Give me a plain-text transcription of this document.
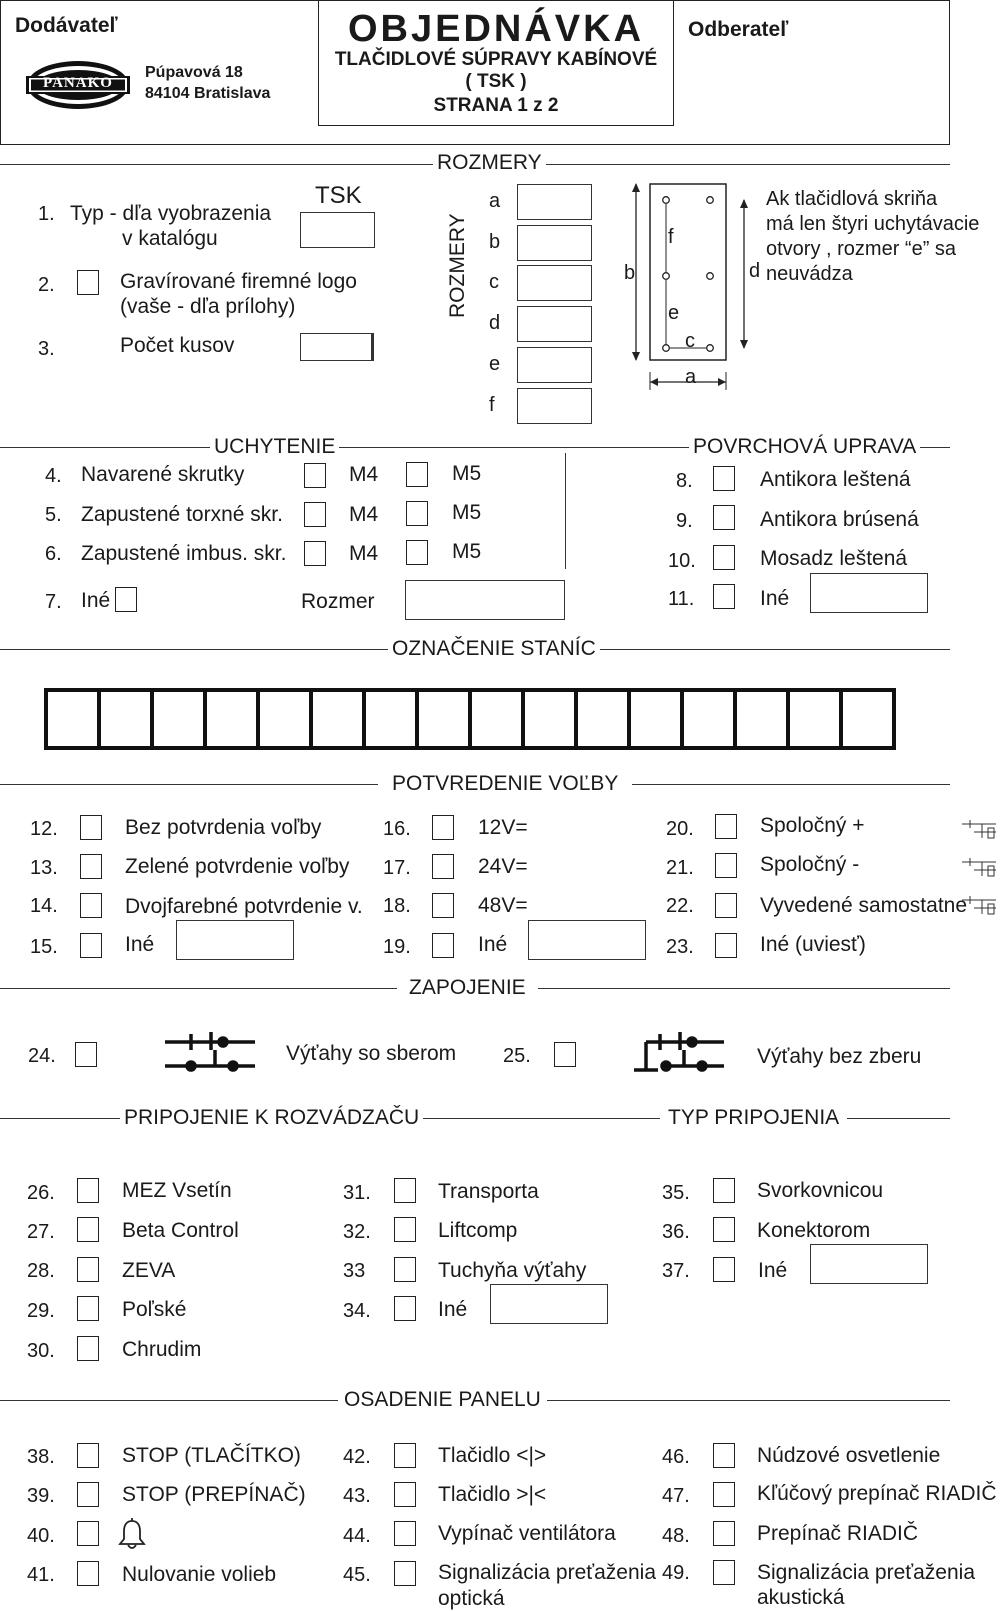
Dodávateľ
PANAKO
Púpavová 18
84104 Bratislava
OBJEDNÁVKA
TLAČIDLOVÉ SÚPRAVY KABÍNOVÉ
( TSK )
STRANA 1 z 2
Odberateľ
ROZMERY
TSK
1. Typ - dľa vyobrazenia
v katalógu
2.	Gravírované firemné logo
(vaše - dľa prílohy)
3.	Počet kusov
ROZMERY
a
b
c
d
e
f
f
b	d
e
c
a
Ak tlačidlová skriňa
má len štyri uchytávacie
otvory , rozmer “e” sa
neuvádza
UCHYTENIE	POVRCHOVÁ UPRAVA
4. Navarené skrutky	M4	M5
5. Zapustené torxné skr.	M4	M5
6. Zapustené imbus. skr.	M4	M5
7. Iné	Rozmer
8.	Antikora leštená
9.	Antikora brúsená
10.	Mosadz leštená
11.	Iné
OZNAČENIE STANÍC
POTVREDENIE VOĽBY
12.	Bez potvrdenia voľby
13.	Zelené potvrdenie voľby
14.	Dvojfarebné potvrdenie v.
15.	Iné
16.	12V=
17.	24V=
18.	48V=
19.	Iné
20.	Spoločný +
21.	Spoločný -
22.	Vyvedené samostatne
23.	Iné (uviesť)
ZAPOJENIE
24.	Výťahy so sberom 25.	Výťahy bez zberu
PRIPOJENIE K ROZVÁDZAČU	TYP PRIPOJENIA
26.	MEZ Vsetín
27.	Beta Control
28.	ZEVA
29.	Poľské
30.	Chrudim
31.	Transporta
32.	Liftcomp
33	Tuchyňa výťahy
34.	Iné
35.	Svorkovnicou
36.	Konektorom
37.	Iné
OSADENIE PANELU
38.	STOP (TLAČÍTKO)
39.	STOP (PREPÍNAČ)
40.
41.	Nulovanie volieb
42.	Tlačidlo <|>
43.	Tlačidlo >|<
44.	Vypínač ventilátora
45.	Signalizácia preťaženia
optická
46.	Núdzové osvetlenie
47.	Kľúčový prepínač RIADIČ
48.	Prepínač RIADIČ
49.	Signalizácia preťaženia
akustická
